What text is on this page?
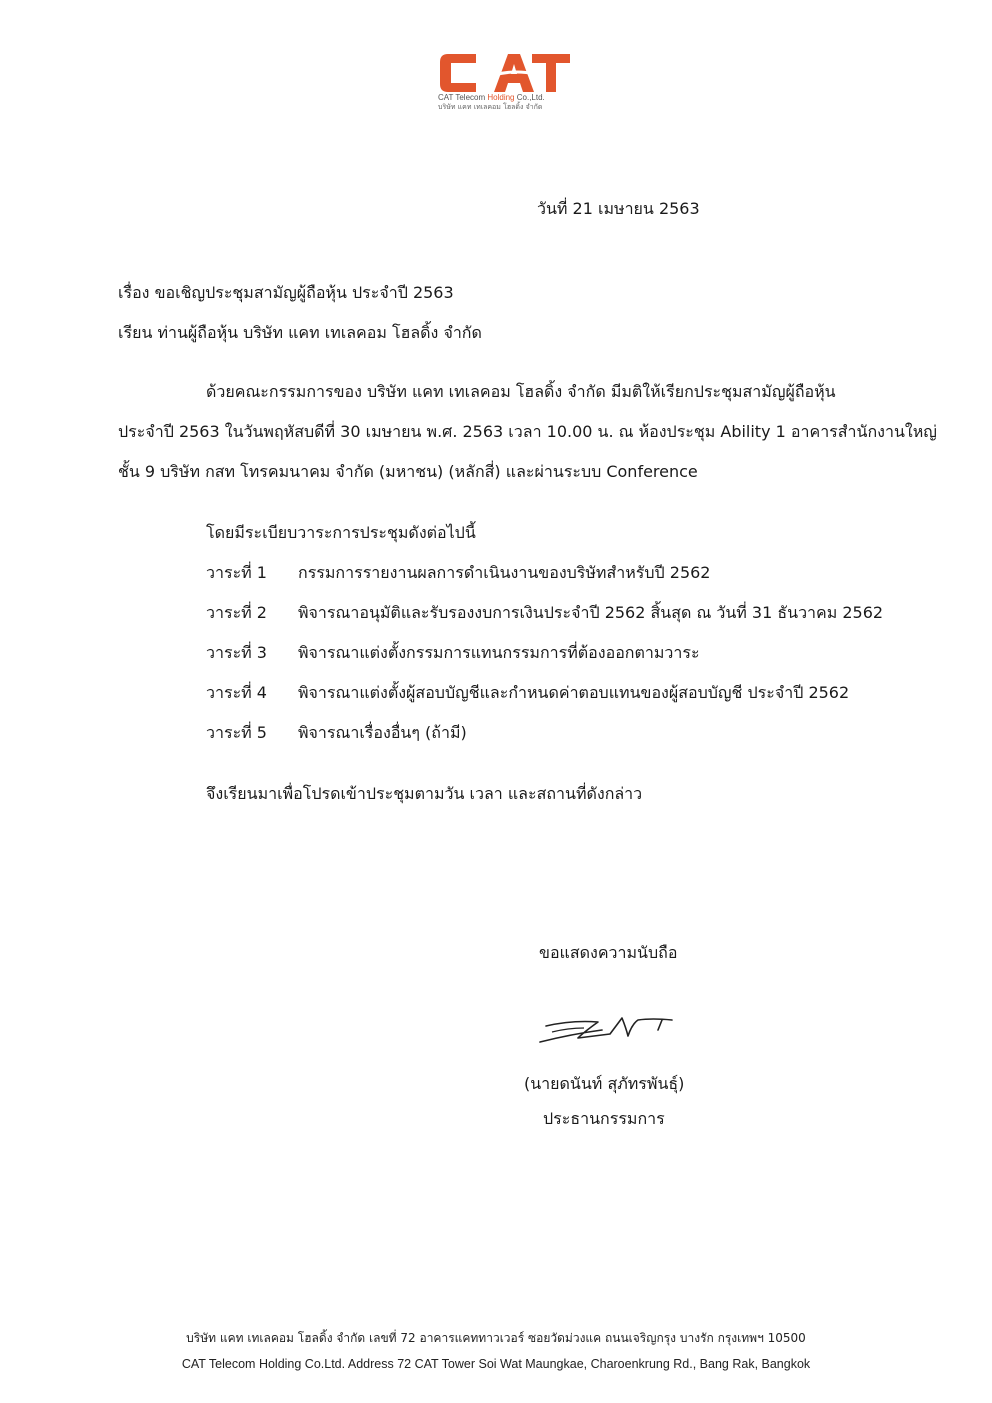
CAT Telecom Holding Co.,Ltd.
บริษัท แคท เทเลคอม โฮลดิ้ง จำกัด
วันที่ 21 เมษายน 2563
เรื่อง ขอเชิญประชุมสามัญผู้ถือหุ้น ประจำปี 2563
เรียน ท่านผู้ถือหุ้น บริษัท แคท เทเลคอม โฮลดิ้ง จำกัด
ด้วยคณะกรรมการของ บริษัท แคท เทเลคอม โฮลดิ้ง จำกัด มีมติให้เรียกประชุมสามัญผู้ถือหุ้น
ประจำปี 2563 ในวันพฤหัสบดีที่ 30 เมษายน พ.ศ. 2563 เวลา 10.00 น. ณ ห้องประชุม Ability 1 อาคารสำนักงานใหญ่
ชั้น 9 บริษัท กสท โทรคมนาคม จำกัด (มหาชน) (หลักสี่) และผ่านระบบ Conference
โดยมีระเบียบวาระการประชุมดังต่อไปนี้
วาระที่ 1 กรรมการรายงานผลการดำเนินงานของบริษัทสำหรับปี 2562
วาระที่ 2 พิจารณาอนุมัติและรับรองงบการเงินประจำปี 2562 สิ้นสุด ณ วันที่ 31 ธันวาคม 2562
วาระที่ 3 พิจารณาแต่งตั้งกรรมการแทนกรรมการที่ต้องออกตามวาระ
วาระที่ 4 พิจารณาแต่งตั้งผู้สอบบัญชีและกำหนดค่าตอบแทนของผู้สอบบัญชี ประจำปี 2562
วาระที่ 5 พิจารณาเรื่องอื่นๆ (ถ้ามี)
จึงเรียนมาเพื่อโปรดเข้าประชุมตามวัน เวลา และสถานที่ดังกล่าว
ขอแสดงความนับถือ
(นายดนันท์ สุภัทรพันธุ์)
ประธานกรรมการ
บริษัท แคท เทเลคอม โฮลดิ้ง จำกัด เลขที่ 72 อาคารแคททาวเวอร์ ซอยวัดม่วงแค ถนนเจริญกรุง บางรัก กรุงเทพฯ 10500
CAT Telecom Holding Co.Ltd. Address 72 CAT Tower Soi Wat Maungkae, Charoenkrung Rd., Bang Rak, Bangkok
